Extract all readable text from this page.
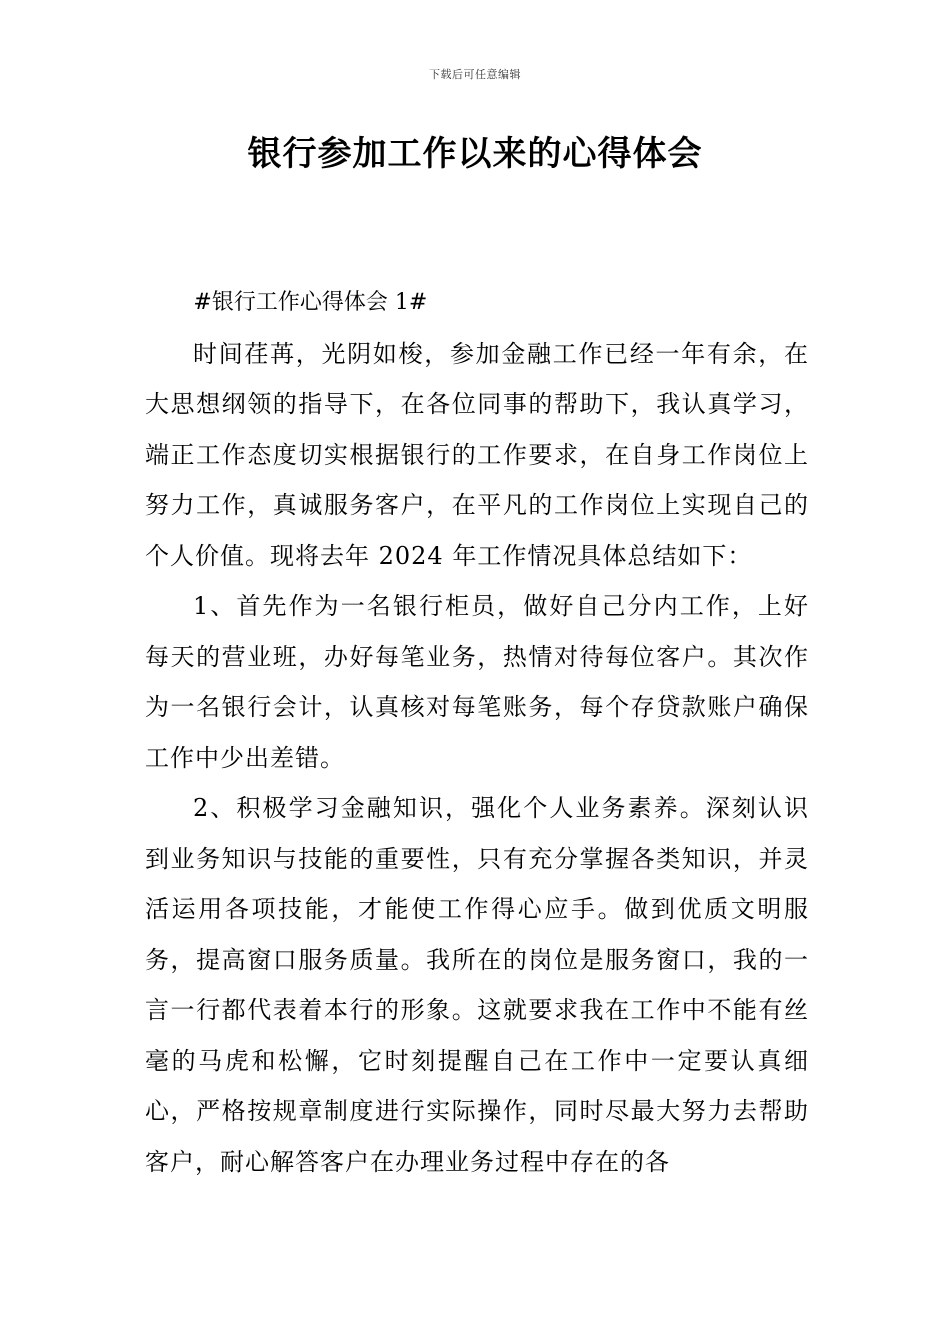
下载后可任意编辑
银行参加工作以来的心得体会

#银行工作心得体会 1#

时间荏苒，光阴如梭，参加金融工作已经一年有余，在大思想纲领的指导下，在各位同事的帮助下，我认真学习，端正工作态度切实根据银行的工作要求，在自身工作岗位上努力工作，真诚服务客户，在平凡的工作岗位上实现自己的个人价值。现将去年 2024 年工作情况具体总结如下：

1、首先作为一名银行柜员，做好自己分内工作，上好每天的营业班，办好每笔业务，热情对待每位客户。其次作为一名银行会计，认真核对每笔账务，每个存贷款账户确保工作中少出差错。

2、积极学习金融知识，强化个人业务素养。深刻认识到业务知识与技能的重要性，只有充分掌握各类知识，并灵活运用各项技能，才能使工作得心应手。做到优质文明服务，提高窗口服务质量。我所在的岗位是服务窗口，我的一言一行都代表着本行的形象。这就要求我在工作中不能有丝毫的马虎和松懈，它时刻提醒自己在工作中一定要认真细心，严格按规章制度进行实际操作，同时尽最大努力去帮助客户，耐心解答客户在办理业务过程中存在的各
